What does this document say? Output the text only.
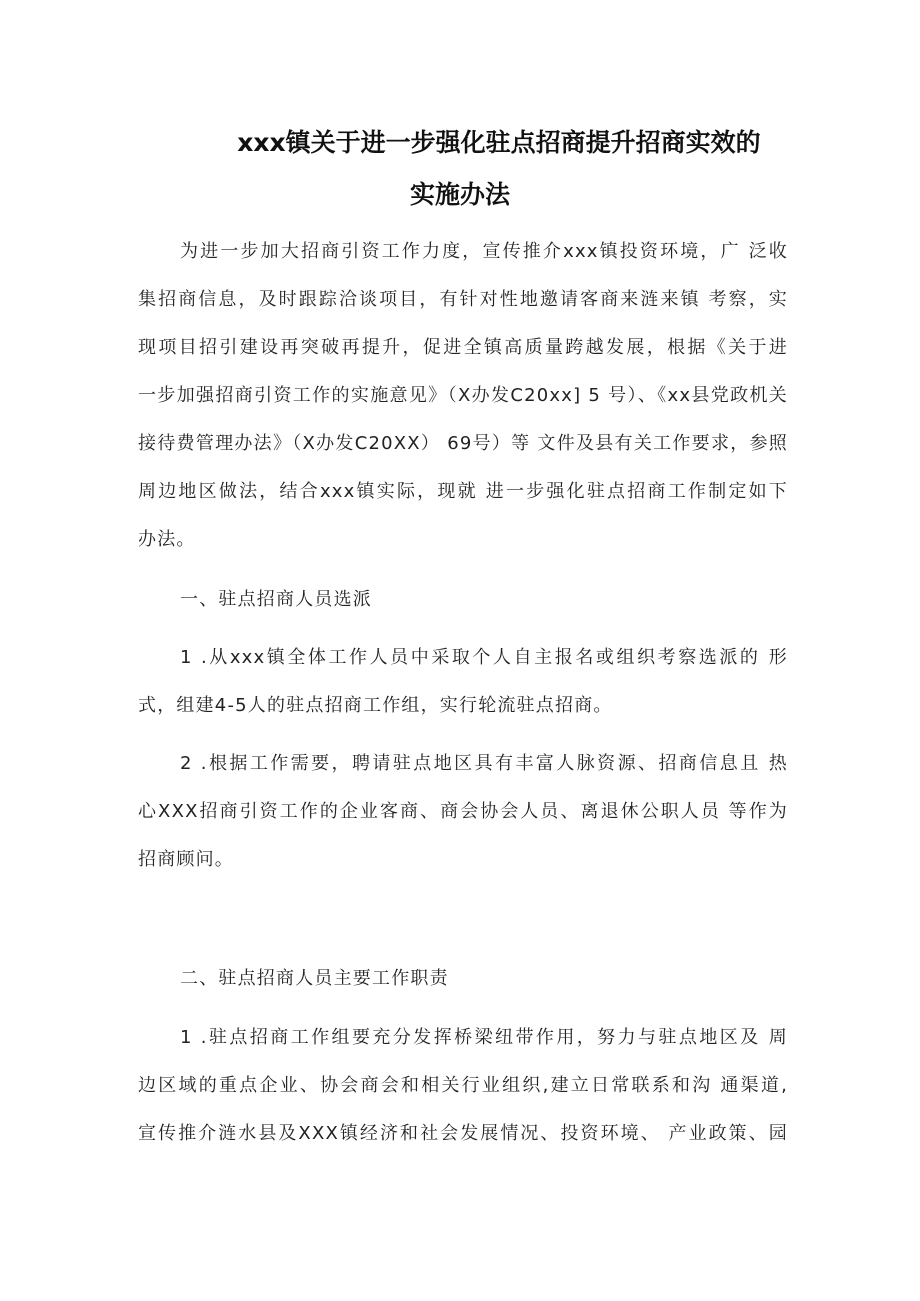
xxx镇关于进一步强化驻点招商提升招商实效的
实施办法
为进一步加大招商引资工作力度，宣传推介xxx镇投资环境，广 泛收
集招商信息，及时跟踪洽谈项目，有针对性地邀请客商来涟来镇 考察，实
现项目招引建设再突破再提升，促进全镇高质量跨越发展，根据《关于进
一步加强招商引资工作的实施意见》（X办发C20xx] 5 号）、《xx县党政机关
接待费管理办法》（X办发C20XX） 69号）等 文件及县有关工作要求，参照
周边地区做法，结合xxx镇实际，现就 进一步强化驻点招商工作制定如下
办法。
一、驻点招商人员选派
1 .从xxx镇全体工作人员中采取个人自主报名或组织考察选派的 形
式，组建4-5人的驻点招商工作组，实行轮流驻点招商。
2 .根据工作需要，聘请驻点地区具有丰富人脉资源、招商信息且 热
心XXX招商引资工作的企业客商、商会协会人员、离退休公职人员 等作为
招商顾问。
二、驻点招商人员主要工作职责
1 .驻点招商工作组要充分发挥桥梁纽带作用，努力与驻点地区及 周
边区域的重点企业、协会商会和相关行业组织,建立日常联系和沟 通渠道,
宣传推介涟水县及XXX镇经济和社会发展情况、投资环境、 产业政策、园
